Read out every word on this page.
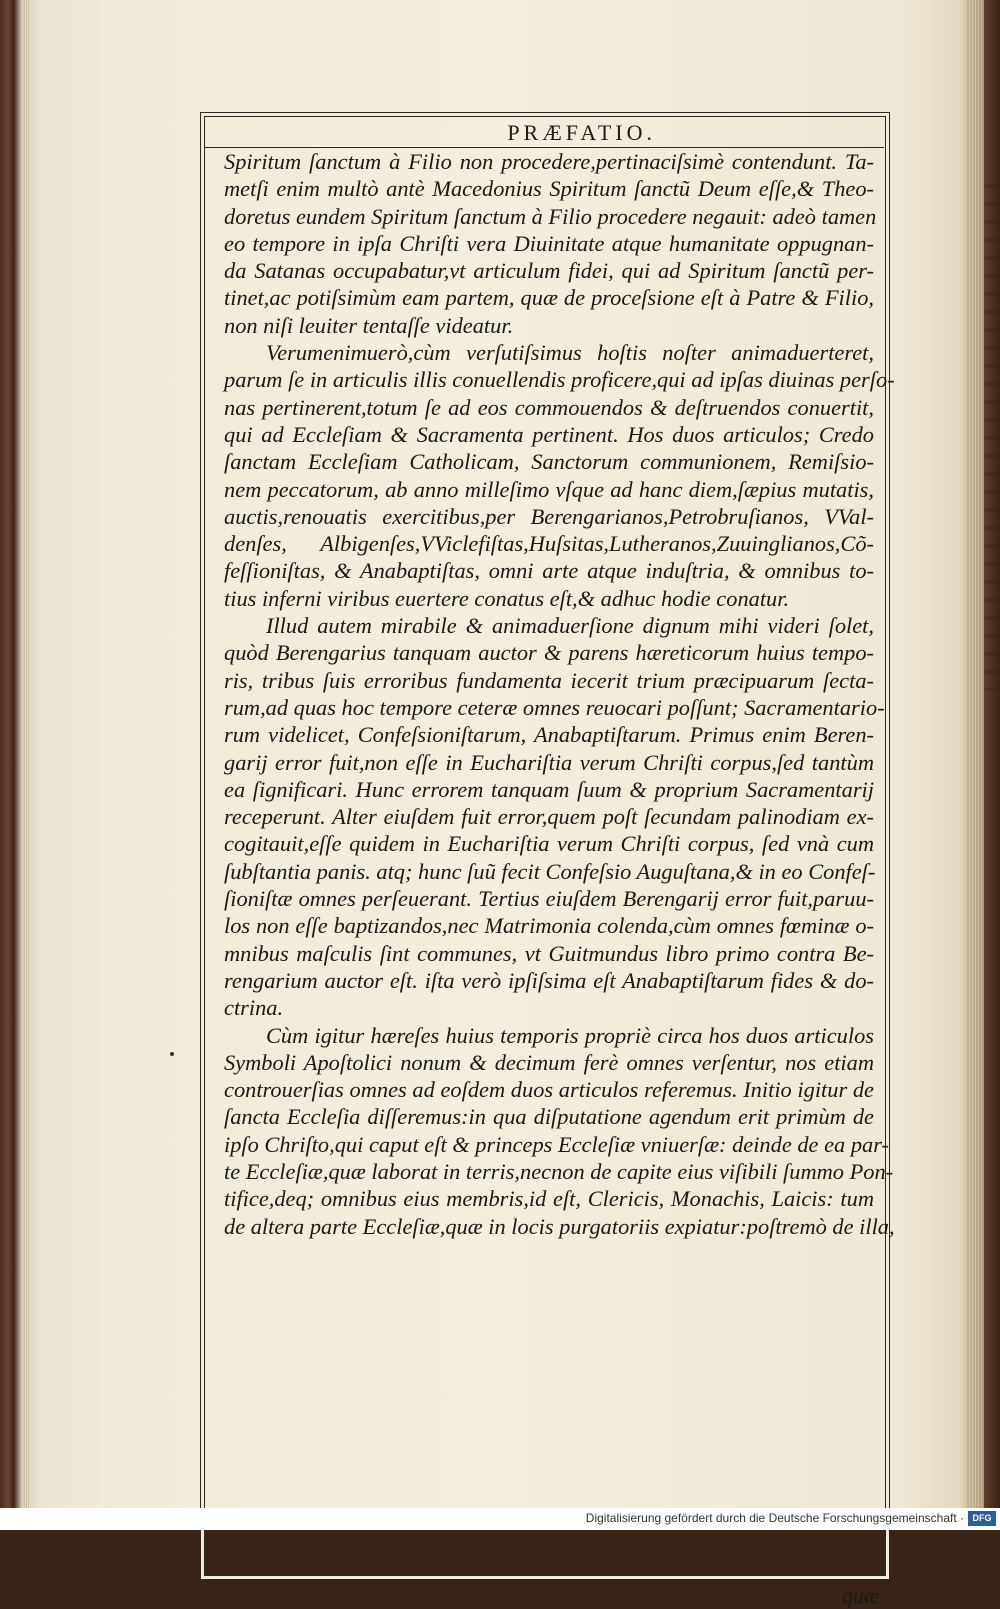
PRÆFATIO.

Spiritum ſanctum à Filio non procedere,pertinaciſsimè contendunt. Ta-
metſi enim multò antè Macedonius Spiritum ſanctũ Deum eſſe,& Theo-
doretus eundem Spiritum ſanctum à Filio procedere negauit: adeò tamen
eo tempore in ipſa Chriſti vera Diuinitate atque humanitate oppugnan-
da Satanas occupabatur,vt articulum fidei, qui ad Spiritum ſanctũ per-
tinet,ac potiſsimùm eam partem, quæ de proceſsione eſt à Patre & Filio,
non niſi leuiter tentaſſe videatur.

Verumenimuerò,cùm verſutiſsimus hoſtis noſter animaduerteret,
parum ſe in articulis illis conuellendis proficere,qui ad ipſas diuinas perſo-
nas pertinerent,totum ſe ad eos commouendos & deſtruendos conuertit,
qui ad Eccleſiam & Sacramenta pertinent. Hos duos articulos; Credo
ſanctam Eccleſiam Catholicam, Sanctorum communionem, Remiſsio-
nem peccatorum, ab anno milleſimo vſque ad hanc diem,ſæpius mutatis,
auctis,renouatis exercitibus,per Berengarianos,Petrobruſianos, VVal-
denſes, Albigenſes,VViclefiſtas,Huſsitas,Lutheranos,Zuuinglianos,Cõ-
feſſioniſtas, & Anabaptiſtas, omni arte atque induſtria, & omnibus to-
tius inferni viribus euertere conatus eſt,& adhuc hodie conatur.

Illud autem mirabile & animaduerſione dignum mihi videri ſolet,
quòd Berengarius tanquam auctor & parens hæreticorum huius tempo-
ris, tribus ſuis erroribus fundamenta iecerit trium præcipuarum ſecta-
rum,ad quas hoc tempore ceteræ omnes reuocari poſſunt; Sacramentario-
rum videlicet, Confeſsioniſtarum, Anabaptiſtarum. Primus enim Beren-
garij error fuit,non eſſe in Euchariſtia verum Chriſti corpus,ſed tantùm
ea ſignificari. Hunc errorem tanquam ſuum & proprium Sacramentarij
receperunt. Alter eiuſdem fuit error,quem poſt ſecundam palinodiam ex-
cogitauit,eſſe quidem in Euchariſtia verum Chriſti corpus, ſed vnà cum
ſubſtantia panis. atq; hunc ſuũ fecit Confeſsio Auguſtana,& in eo Confeſ-
ſioniſtæ omnes perſeuerant. Tertius eiuſdem Berengarij error fuit,paruu-
los non eſſe baptizandos,nec Matrimonia colenda,cùm omnes fœminæ o-
mnibus maſculis ſint communes, vt Guitmundus libro primo contra Be-
rengarium auctor eſt. iſta verò ipſiſsima eſt Anabaptiſtarum fides & do-
ctrina.

Cùm igitur hæreſes huius temporis propriè circa hos duos articulos
Symboli Apoſtolici nonum & decimum ferè omnes verſentur, nos etiam
controuerſias omnes ad eoſdem duos articulos referemus. Initio igitur de
ſancta Eccleſia diſſeremus:in qua diſputatione agendum erit primùm de
ipſo Chriſto,qui caput eſt & princeps Eccleſiæ vniuerſæ: deinde de ea par-
te Eccleſiæ,quæ laborat in terris,necnon de capite eius viſibili ſummo Pon-
tifice,deq; omnibus eius membris,id eſt, Clericis, Monachis, Laicis: tum
de altera parte Eccleſiæ,quæ in locis purgatoriis expiatur:poſtremò de illa,

quæ
Digitalisierung gefördert durch die Deutsche Forschungsgemeinschaft · DFG
